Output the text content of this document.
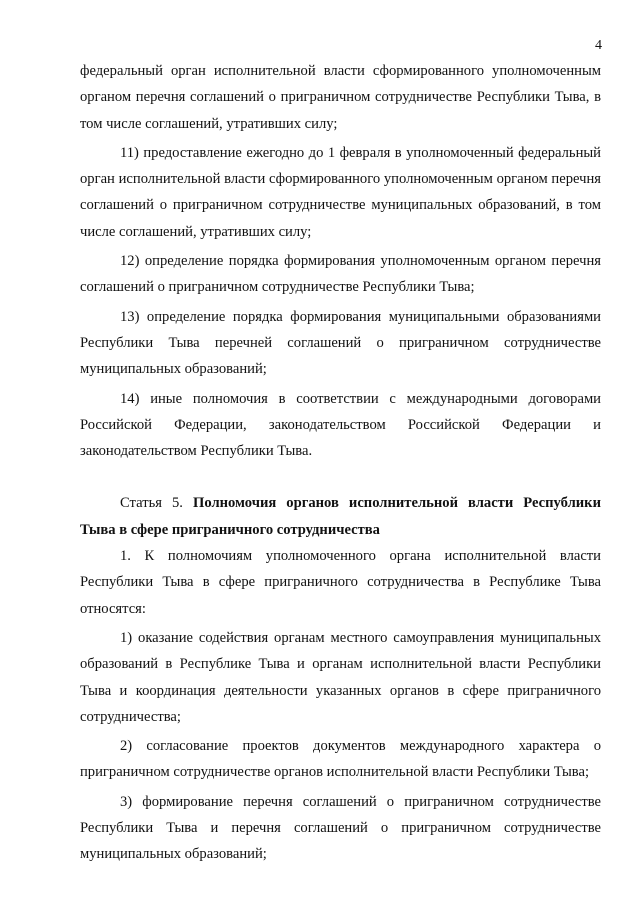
4

федеральный орган исполнительной власти сформированного уполномоченным органом перечня соглашений о приграничном сотрудничестве Республики Тыва, в том числе соглашений, утративших силу;

11) предоставление ежегодно до 1 февраля в уполномоченный федеральный орган исполнительной власти сформированного уполномоченным органом перечня соглашений о приграничном сотрудничестве муниципальных образований, в том числе соглашений, утративших силу;

12) определение порядка формирования уполномоченным органом перечня соглашений о приграничном сотрудничестве Республики Тыва;

13) определение порядка формирования муниципальными образованиями Республики Тыва перечней соглашений о приграничном сотрудничестве муниципальных образований;

14) иные полномочия в соответствии с международными договорами Российской Федерации, законодательством Российской Федерации и законодательством Республики Тыва.

Статья 5. Полномочия органов исполнительной власти Республики Тыва в сфере приграничного сотрудничества

1. К полномочиям уполномоченного органа исполнительной власти Республики Тыва в сфере приграничного сотрудничества в Республике Тыва относятся:

1) оказание содействия органам местного самоуправления муниципальных образований в Республике Тыва и органам исполнительной власти Республики Тыва и координация деятельности указанных органов в сфере приграничного сотрудничества;

2) согласование проектов документов международного характера о приграничном сотрудничестве органов исполнительной власти Республики Тыва;

3) формирование перечня соглашений о приграничном сотрудничестве Республики Тыва и перечня соглашений о приграничном сотрудничестве муниципальных образований;
